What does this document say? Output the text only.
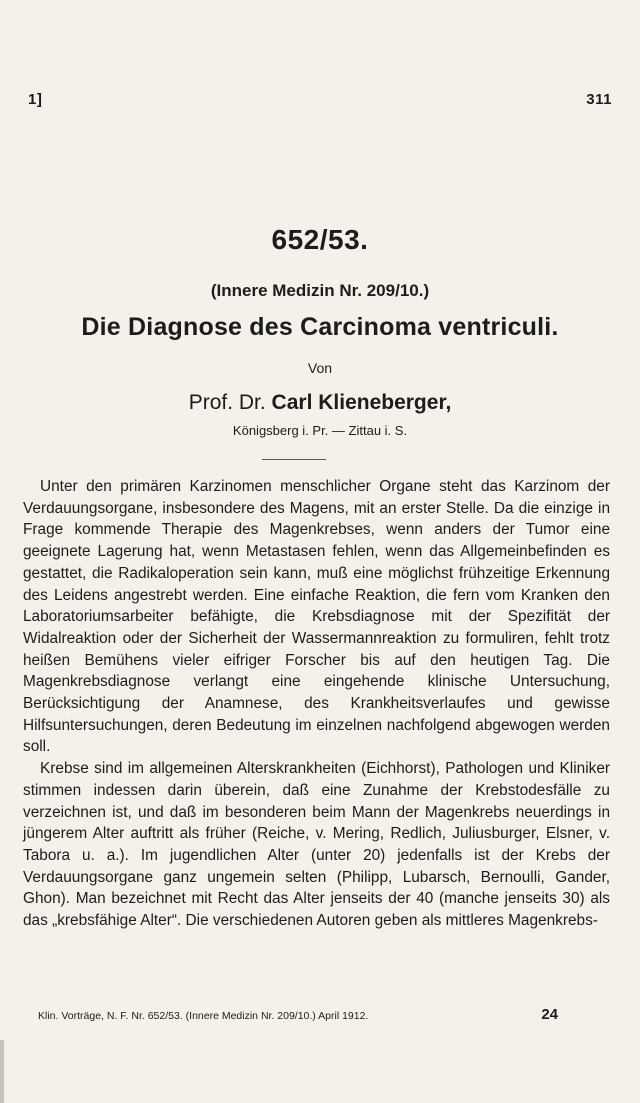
1]	311
652/53.
(Innere Medizin Nr. 209/10.)
Die Diagnose des Carcinoma ventriculi.
Von
Prof. Dr. Carl Klieneberger,
Königsberg i. Pr. — Zittau i. S.

Unter den primären Karzinomen menschlicher Organe steht das Karzinom der Verdauungsorgane, insbesondere des Magens, mit an erster Stelle. Da die einzige in Frage kommende Therapie des Magenkrebses, wenn anders der Tumor eine geeignete Lagerung hat, wenn Metastasen fehlen, wenn das Allgemeinbefinden es gestattet, die Radikaloperation sein kann, muß eine möglichst frühzeitige Erkennung des Leidens angestrebt werden. Eine einfache Reaktion, die fern vom Kranken den Laboratoriumsarbeiter befähigte, die Krebsdiagnose mit der Spezifität der Widalreaktion oder der Sicherheit der Wassermannreaktion zu formuliren, fehlt trotz heißen Bemühens vieler eifriger Forscher bis auf den heutigen Tag. Die Magenkrebsdiagnose verlangt eine eingehende klinische Untersuchung, Berücksichtigung der Anamnese, des Krankheitsverlaufes und gewisse Hilfsuntersuchungen, deren Bedeutung im einzelnen nachfolgend abgewogen werden soll.

Krebse sind im allgemeinen Alterskrankheiten (Eichhorst), Pathologen und Kliniker stimmen indessen darin überein, daß eine Zunahme der Krebstodesfälle zu verzeichnen ist, und daß im besonderen beim Mann der Magenkrebs neuerdings in jüngerem Alter auftritt als früher (Reiche, v. Mering, Redlich, Juliusburger, Elsner, v. Tabora u. a.). Im jugendlichen Alter (unter 20) jedenfalls ist der Krebs der Verdauungsorgane ganz ungemein selten (Philipp, Lubarsch, Bernoulli, Gander, Ghon). Man bezeichnet mit Recht das Alter jenseits der 40 (manche jenseits 30) als das „krebsfähige Alter“. Die verschiedenen Autoren geben als mittleres Magenkrebs-

Klin. Vorträge, N. F. Nr. 652/53. (Innere Medizin Nr. 209/10.) April 1912.	24
